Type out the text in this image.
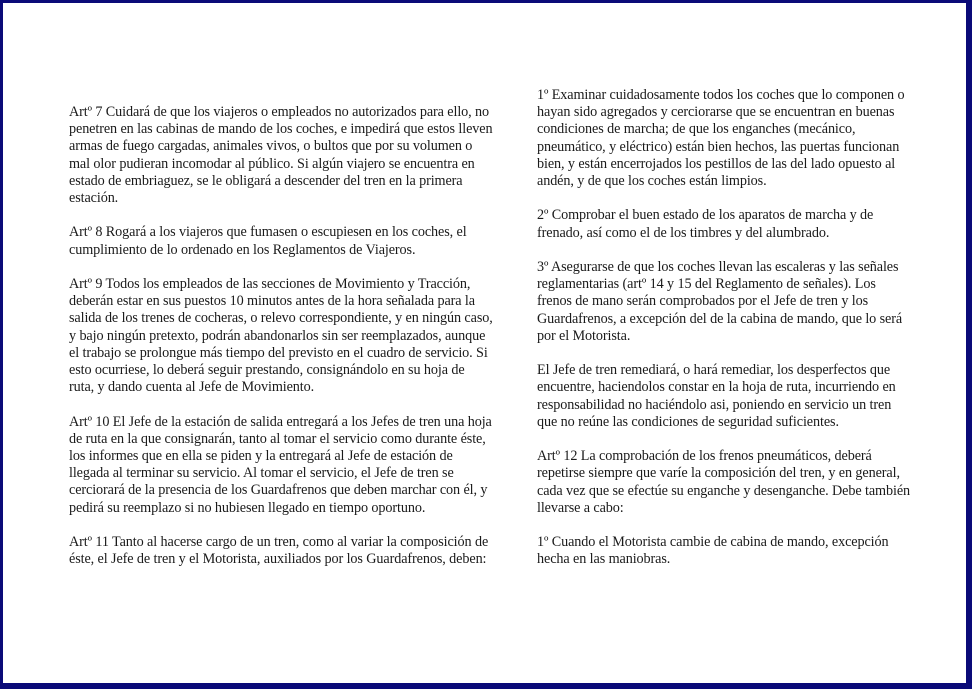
Artº 7 Cuidará de que los viajeros o empleados no autorizados para ello, no penetren en las cabinas de mando de los coches, e impedirá que estos lleven armas de fuego cargadas, animales vivos, o bultos que por su volumen o mal olor pudieran incomodar al público. Si algún viajero se encuentra en estado de embriaguez, se le obligará a descender del tren en la primera estación.

Artº 8 Rogará a los viajeros que fumasen o escupiesen en los coches, el cumplimiento de lo ordenado en los Reglamentos de Viajeros.

Artº 9 Todos los empleados de las secciones de Movimiento y Tracción, deberán estar en sus puestos 10 minutos antes de la hora señalada para la salida de los trenes de cocheras, o relevo correspondiente, y en ningún caso, y bajo ningún pretexto, podrán abandonarlos sin ser reemplazados, aunque el trabajo se prolongue más tiempo del previsto en el cuadro de servicio. Si esto ocurriese, lo deberá seguir prestando, consignándolo en su hoja de ruta, y dando cuenta al Jefe de Movimiento.

Artº 10 El Jefe de la estación de salida entregará a los Jefes de tren una hoja de ruta en la que consignarán, tanto al tomar el servicio como durante éste, los informes que en ella se piden y la entregará al Jefe de estación de llegada al terminar su servicio. Al tomar el servicio, el Jefe de tren se cerciorará de la presencia de los Guardafrenos que deben marchar con él, y pedirá su reemplazo si no hubiesen llegado en tiempo oportuno.

Artº 11 Tanto al hacerse cargo de un tren, como al variar la composición de éste, el Jefe de tren y el Motorista, auxiliados por los Guardafrenos, deben:

1º Examinar cuidadosamente todos los coches que lo componen o hayan sido agregados y cerciorarse que se encuentran en buenas condiciones de marcha; de que los enganches (mecánico, pneumático, y eléctrico) están bien hechos, las puertas funcionan bien, y están encerrojados los pestillos de las del lado opuesto al andén, y de que los coches están limpios.

2º Comprobar el buen estado de los aparatos de marcha y de frenado, así como el de los timbres y del alumbrado.

3º Asegurarse de que los coches llevan las escaleras y las señales reglamentarias (artº 14 y 15 del Reglamento de señales). Los frenos de mano serán comprobados por el Jefe de tren y los Guardafrenos, a excepción del de la cabina de mando, que lo será por el Motorista.

El Jefe de tren remediará, o hará remediar, los desperfectos que encuentre, haciendolos constar en la hoja de ruta, incurriendo en responsabilidad no haciéndolo asi, poniendo en servicio un tren que no reúne las condiciones de seguridad suficientes.

Artº 12 La comprobación de los frenos pneumáticos, deberá repetirse siempre que varíe la composición del tren, y en general, cada vez que se efectúe su enganche y desenganche. Debe también llevarse a cabo:

1º Cuando el Motorista cambie de cabina de mando, excepción hecha en las maniobras.
